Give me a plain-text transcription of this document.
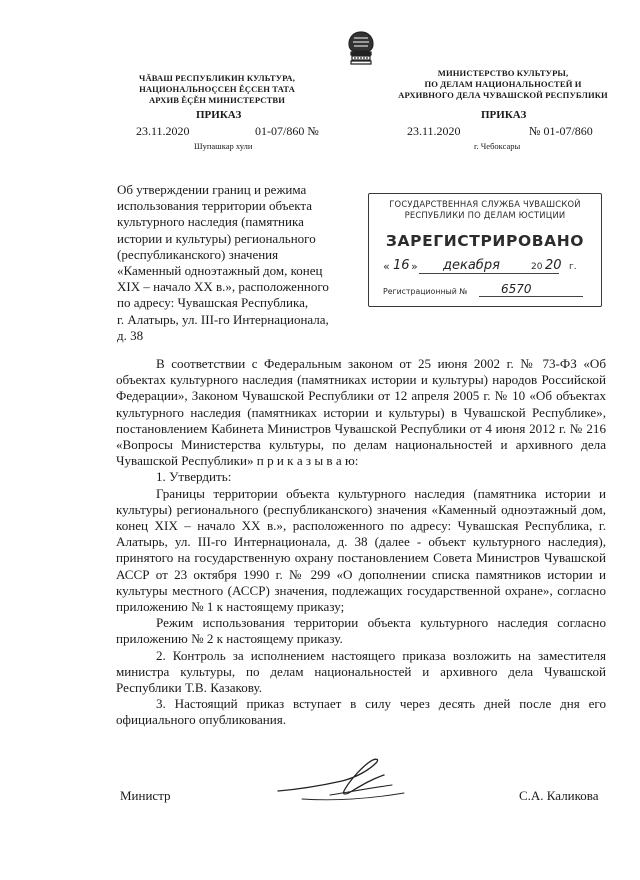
ЧĂВАШ РЕСПУБЛИКИН КУЛЬТУРА,
НАЦИОНАЛЬНОÇСЕН ĚÇСЕН ТАТА
АРХИВ ĚÇĚН МИНИСТЕРСТВИ
МИНИСТЕРСТВО КУЛЬТУРЫ,
ПО ДЕЛАМ НАЦИОНАЛЬНОСТЕЙ И
АРХИВНОГО ДЕЛА ЧУВАШСКОЙ РЕСПУБЛИКИ
ПРИКАЗ
23.11.2020	01-07/860 №
Шупашкар хули
ПРИКАЗ
23.11.2020	№ 01-07/860
г. Чебоксары
Об утверждении границ и режима
использования территории объекта
культурного наследия (памятника
истории и культуры) регионального
(республиканского) значения
«Каменный одноэтажный дом, конец
XIX – начало XX в.», расположенного
по адресу: Чувашская Республика,
г. Алатырь, ул. III-го Интернационала,
д. 38
ГОСУДАРСТВЕННАЯ СЛУЖБА ЧУВАШСКОЙ
РЕСПУБЛИКИ ПО ДЕЛАМ ЮСТИЦИИ
ЗАРЕГИСТРИРОВАНО
« 16 » декабря	20 20 г.
Регистрационный №	6570

В соответствии с Федеральным законом от 25 июня 2002 г. № 73-ФЗ «Об объектах культурного наследия (памятниках истории и культуры) народов Российской Федерации», Законом Чувашской Республики от 12 апреля 2005 г. № 10 «Об объектах культурного наследия (памятниках истории и культуры) в Чувашской Республике», постановлением Кабинета Министров Чувашской Республики от 4 июня 2012 г. № 216 «Вопросы Министерства культуры, по делам национальностей и архивного дела Чувашской Республики» п р и к а з ы в а ю:

1. Утвердить:

Границы территории объекта культурного наследия (памятника истории и культуры) регионального (республиканского) значения «Каменный одноэтажный дом, конец XIX – начало XX в.», расположенного по адресу: Чувашская Республика, г. Алатырь, ул. III-го Интернационала, д. 38 (далее - объект культурного наследия), принятого на государственную охрану постановлением Совета Министров Чувашской АССР от 23 октября 1990 г. № 299 «О дополнении списка памятников истории и культуры местного (АССР) значения, подлежащих государственной охране», согласно приложению № 1 к настоящему приказу;

Режим использования территории объекта культурного наследия согласно приложению № 2 к настоящему приказу.

2. Контроль за исполнением настоящего приказа возложить на заместителя министра культуры, по делам национальностей и архивного дела Чувашской Республики Т.В. Казакову.

3. Настоящий приказ вступает в силу через десять дней после дня его официального опубликования.

Министр	С.А. Каликова
